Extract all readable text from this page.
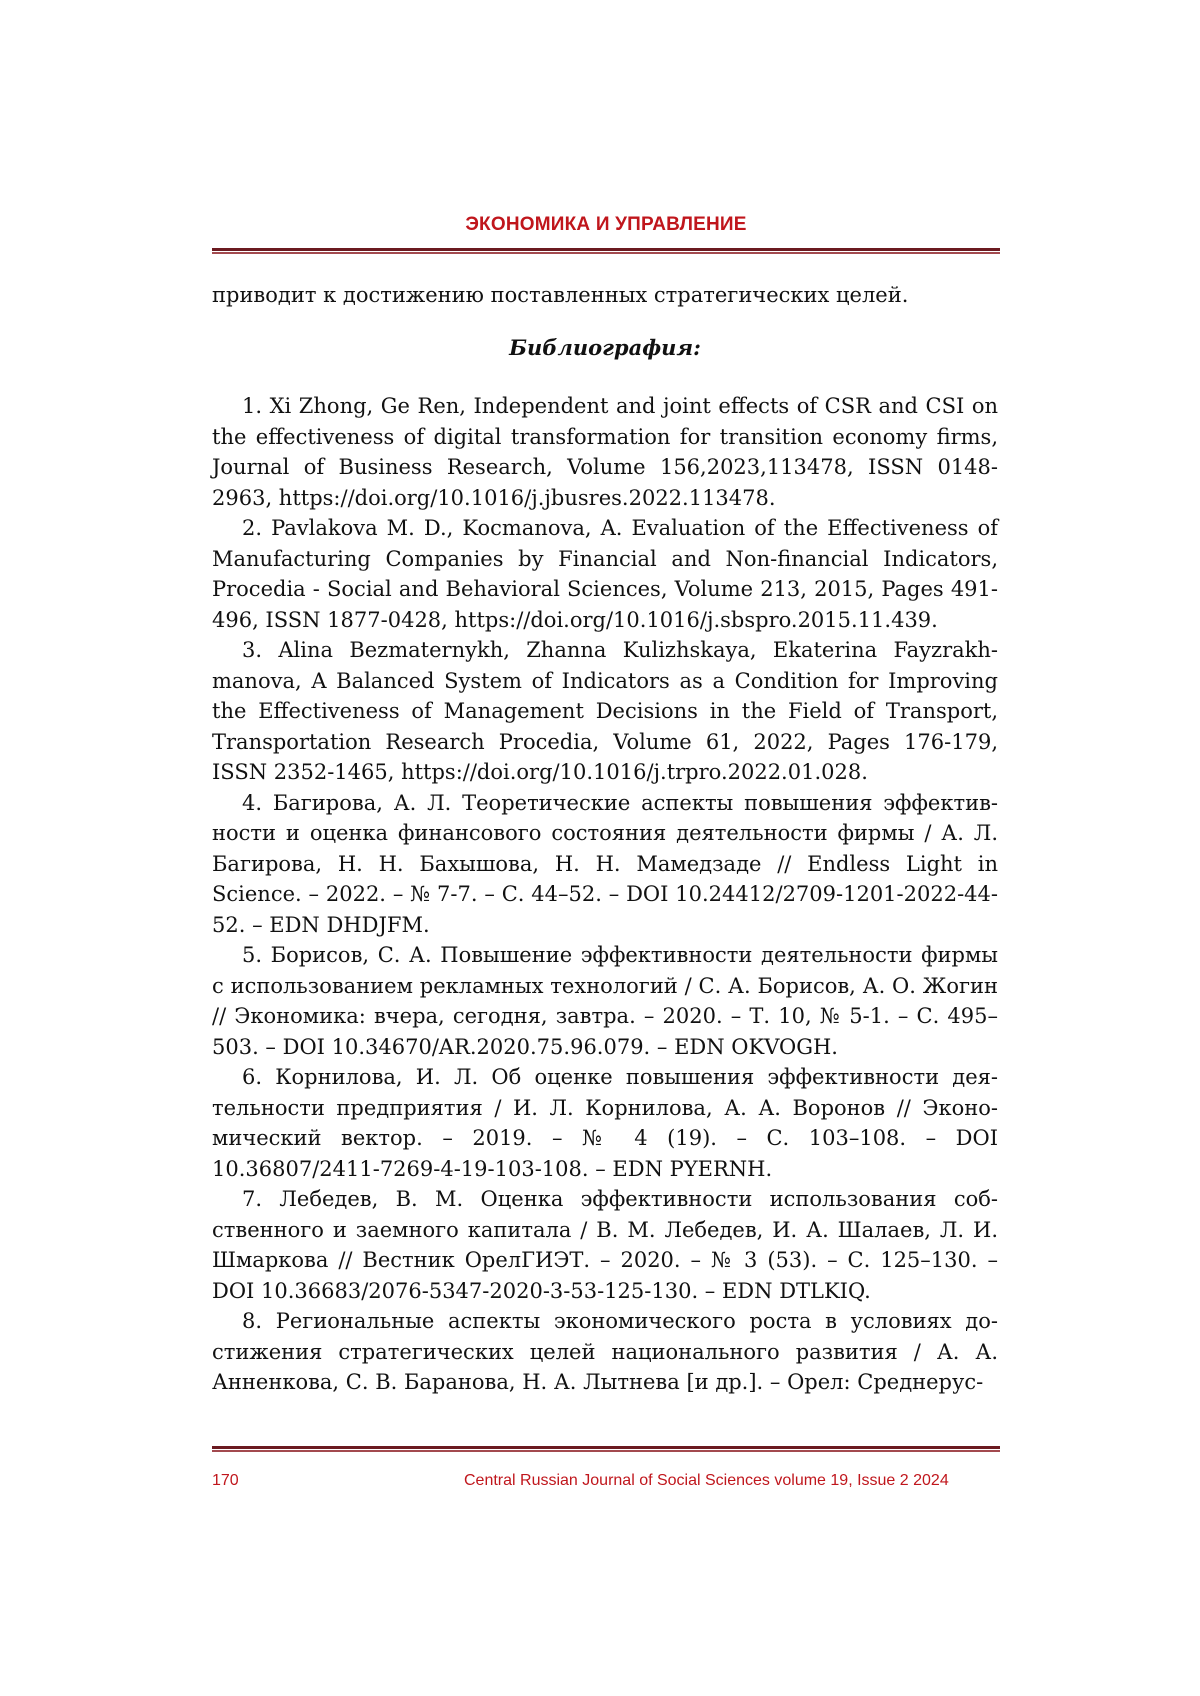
ЭКОНОМИКА И УПРАВЛЕНИЕ

приводит к достижению поставленных стратегических целей.

Библиография:

1. Xi Zhong, Ge Ren, Independent and joint effects of CSR and CSI on the effectiveness of digital transformation for transition economy firms, Journal of Business Research, Volume 156,2023,113478, ISSN 0148-2963, https://doi.org/10.1016/j.jbusres.2022.113478.
2. Pavlakova M. D., Kocmanova, A. Evaluation of the Effectiveness of Manufacturing Companies by Financial and Non-financial Indicators, Procedia - Social and Behavioral Sciences, Volume 213, 2015, Pages 491-496, ISSN 1877-0428, https://doi.org/10.1016/j.sbspro.2015.11.439.
3. Alina Bezmaternykh, Zhanna Kulizhskaya, Ekaterina Fayzrakhmanova, A Balanced System of Indicators as a Condition for Improving the Effectiveness of Management Decisions in the Field of Transport, Transportation Research Procedia, Volume 61, 2022, Pages 176-179, ISSN 2352-1465, https://doi.org/10.1016/j.trpro.2022.01.028.
4. Багирова, А. Л. Теоретические аспекты повышения эффективности и оценка финансового состояния деятельности фирмы / А. Л. Багирова, Н. Н. Бахышова, Н. Н. Мамедзаде // Endless Light in Science. – 2022. – № 7-7. – С. 44–52. – DOI 10.24412/2709-1201-2022-44-52. – EDN DHDJFM.
5. Борисов, С. А. Повышение эффективности деятельности фирмы с использованием рекламных технологий / С. А. Борисов, А. О. Жогин // Экономика: вчера, сегодня, завтра. – 2020. – Т. 10, № 5-1. – С. 495–503. – DOI 10.34670/AR.2020.75.96.079. – EDN OKVOGH.
6. Корнилова, И. Л. Об оценке повышения эффективности деятельности предприятия / И. Л. Корнилова, А. А. Воронов // Экономический вектор. – 2019. – № 4 (19). – С. 103–108. – DOI 10.36807/2411-7269-4-19-103-108. – EDN PYERNH.
7. Лебедев, В. М. Оценка эффективности использования собственного и заемного капитала / В. М. Лебедев, И. А. Шалаев, Л. И. Шмаркова // Вестник ОрелГИЭТ. – 2020. – № 3 (53). – С. 125–130. – DOI 10.36683/2076-5347-2020-3-53-125-130. – EDN DTLKIQ.
8. Региональные аспекты экономического роста в условиях достижения стратегических целей национального развития / А. А. Анненкова, С. В. Баранова, Н. А. Лытнева [и др.]. – Орел: Среднерус-
170	Central Russian Journal of Social Sciences volume 19, Issue 2 2024
